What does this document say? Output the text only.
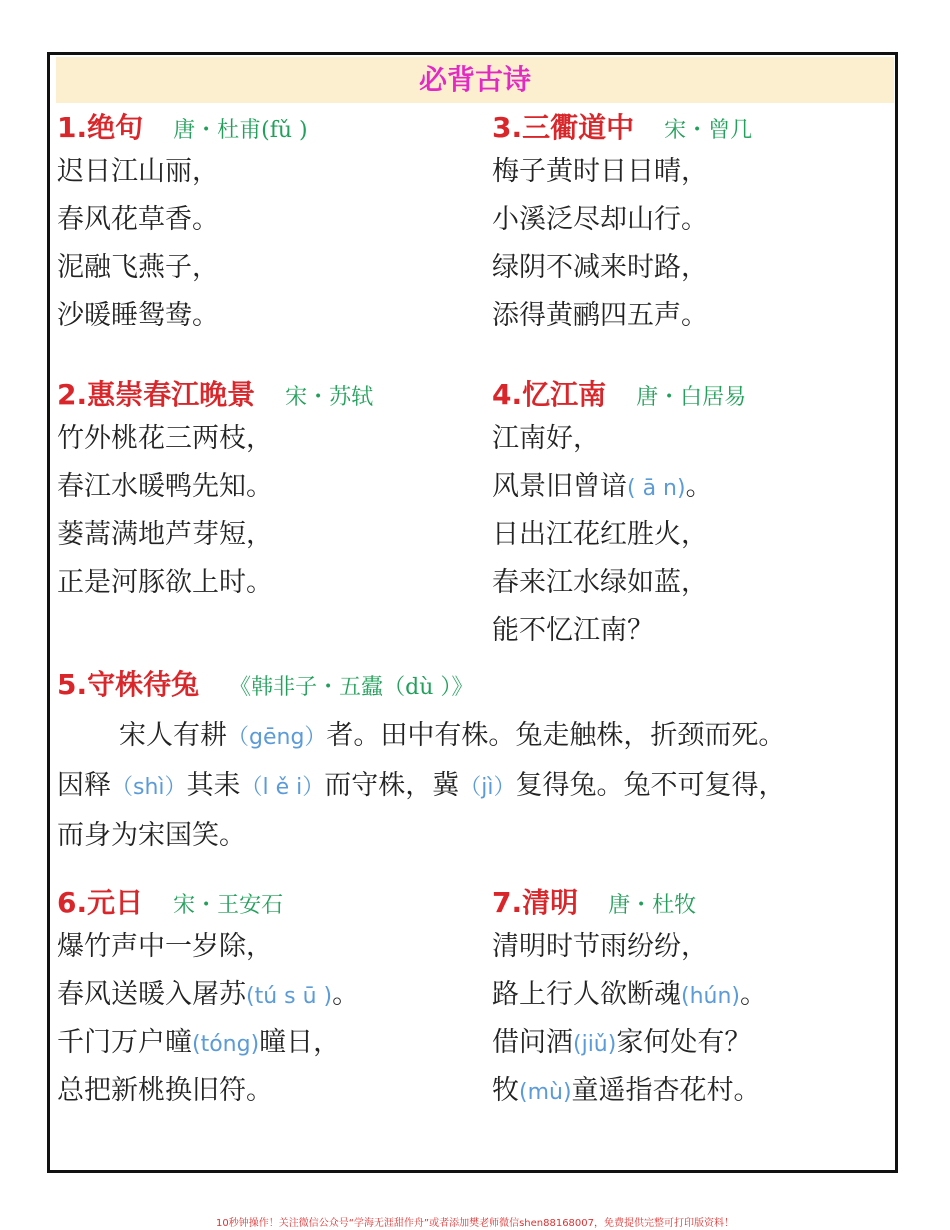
必背古诗
1.绝句 唐・杜甫(fǔ )
迟日江山丽，
春风花草香。
泥融飞燕子，
沙暖睡鸳鸯。
3.三衢道中 宋・曾几
梅子黄时日日晴，
小溪泛尽却山行。
绿阴不减来时路，
添得黄鹂四五声。
2.惠崇春江晚景 宋・苏轼
竹外桃花三两枝，
春江水暖鸭先知。
蒌蒿满地芦芽短，
正是河豚欲上时。
4.忆江南 唐・白居易
江南好，
风景旧曾谙( ā n)。
日出江花红胜火，
春来江水绿如蓝，
能不忆江南？
5.守株待兔 《韩非子・五蠹（dù ）》
宋人有耕（gēng）者。田中有株。兔走触株，折颈而死。
因释（shì）其耒（l ě i）而守株，冀（jì）复得兔。兔不可复得，
而身为宋国笑。
6.元日 宋・王安石
爆竹声中一岁除，
春风送暖入屠苏(tú s ū )。
千门万户曈(tóng)曈日，
总把新桃换旧符。
7.清明 唐・杜牧
清明时节雨纷纷，
路上行人欲断魂(hún)。
借问酒(jiǔ)家何处有？
牧(mù)童遥指杏花村。
10秒钟操作！关注微信公众号“学海无涯甜作舟”或者添加樊老师微信shen88168007，免费提供完整可打印版资料！
